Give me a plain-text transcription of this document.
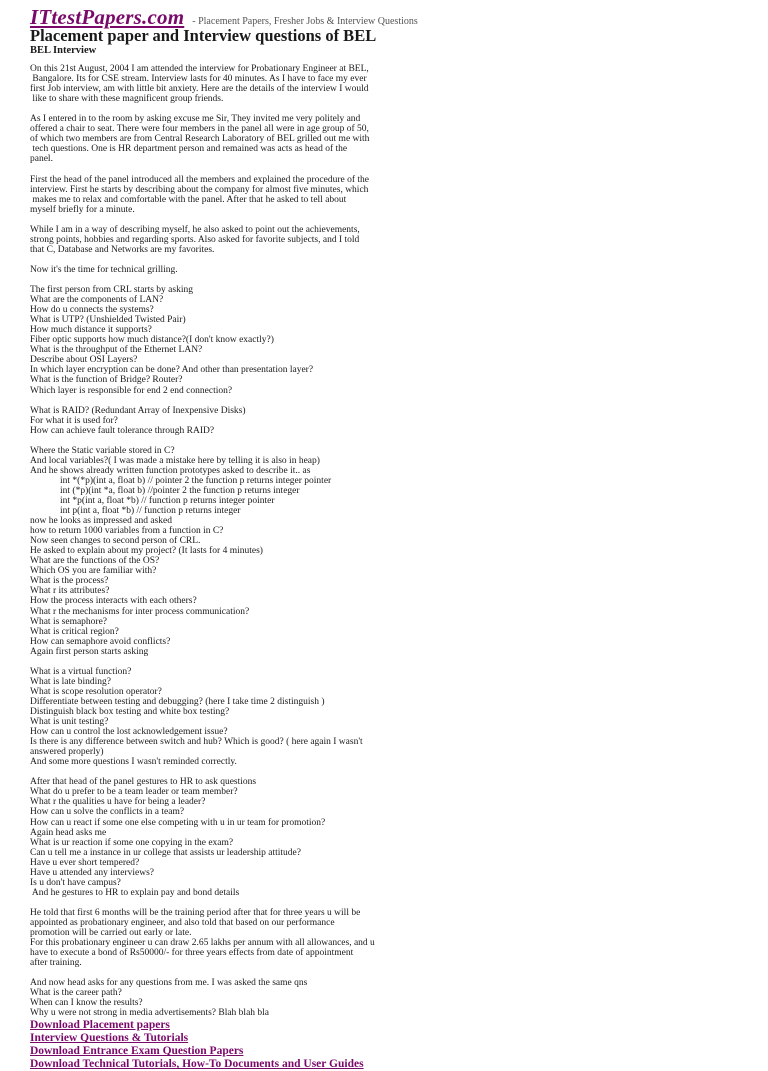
ITtestPapers.com - Placement Papers, Fresher Jobs & Interview Questions
Placement paper and Interview questions of BEL
BEL Interview
On this 21st August, 2004 I am attended the interview for Probationary Engineer at BEL,
Bangalore. Its for CSE stream. Interview lasts for 40 minutes. As I have to face my ever
first Job interview, am with little bit anxiety. Here are the details of the interview I would
like to share with these magnificent group friends.
As I entered in to the room by asking excuse me Sir, They invited me very politely and
offered a chair to seat. There were four members in the panel all were in age group of 50,
of which two members are from Central Research Laboratory of BEL grilled out me with
tech questions. One is HR department person and remained was acts as head of the
panel.
First the head of the panel introduced all the members and explained the procedure of the
interview. First he starts by describing about the company for almost five minutes, which
makes me to relax and comfortable with the panel. After that he asked to tell about
myself briefly for a minute.
While I am in a way of describing myself, he also asked to point out the achievements,
strong points, hobbies and regarding sports. Also asked for favorite subjects, and I told
that C, Database and Networks are my favorites.
Now it's the time for technical grilling.
The first person from CRL starts by asking
What are the components of LAN?
How do u connects the systems?
What is UTP? (Unshielded Twisted Pair)
How much distance it supports?
Fiber optic supports how much distance?(I don't know exactly?)
What is the throughput of the Ethernet LAN?
Describe about OSI Layers?
In which layer encryption can be done? And other than presentation layer?
What is the function of Bridge? Router?
Which layer is responsible for end 2 end connection?
What is RAID? (Redundant Array of Inexpensive Disks)
For what it is used for?
How can achieve fault tolerance through RAID?
Where the Static variable stored in C?
And local variables?( I was made a mistake here by telling it is also in heap)
And he shows already written function prototypes asked to describe it.. as
int *(*p)(int a, float b) // pointer 2 the function p returns integer pointer
int (*p)(int *a, float b) //pointer 2 the function p returns integer
int *p(int a, float *b) // function p returns integer pointer
int p(int a, float *b) // function p returns integer
now he looks as impressed and asked
how to return 1000 variables from a function in C?
Now seen changes to second person of CRL.
He asked to explain about my project? (It lasts for 4 minutes)
What are the functions of the OS?
Which OS you are familiar with?
What is the process?
What r its attributes?
How the process interacts with each others?
What r the mechanisms for inter process communication?
What is semaphore?
What is critical region?
How can semaphore avoid conflicts?
Again first person starts asking
What is a virtual function?
What is late binding?
What is scope resolution operator?
Differentiate between testing and debugging? (here I take time 2 distinguish )
Distinguish black box testing and white box testing?
What is unit testing?
How can u control the lost acknowledgement issue?
Is there is any difference between switch and hub? Which is good? ( here again I wasn't
answered properly)
And some more questions I wasn't reminded correctly.
After that head of the panel gestures to HR to ask questions
What do u prefer to be a team leader or team member?
What r the qualities u have for being a leader?
How can u solve the conflicts in a team?
How can u react if some one else competing with u in ur team for promotion?
Again head asks me
What is ur reaction if some one copying in the exam?
Can u tell me a instance in ur college that assists ur leadership attitude?
Have u ever short tempered?
Have u attended any interviews?
Is u don't have campus?
And he gestures to HR to explain pay and bond details
He told that first 6 months will be the training period after that for three years u will be
appointed as probationary engineer, and also told that based on our performance
promotion will be carried out early or late.
For this probationary engineer u can draw 2.65 lakhs per annum with all allowances, and u
have to execute a bond of Rs50000/- for three years effects from date of appointment
after training.
And now head asks for any questions from me. I was asked the same qns
What is the career path?
When can I know the results?
Why u were not strong in media advertisements? Blah blah bla
Download Placement papers
Interview Questions & Tutorials
Download Entrance Exam Question Papers
Download Technical Tutorials, How-To Documents and User Guides
